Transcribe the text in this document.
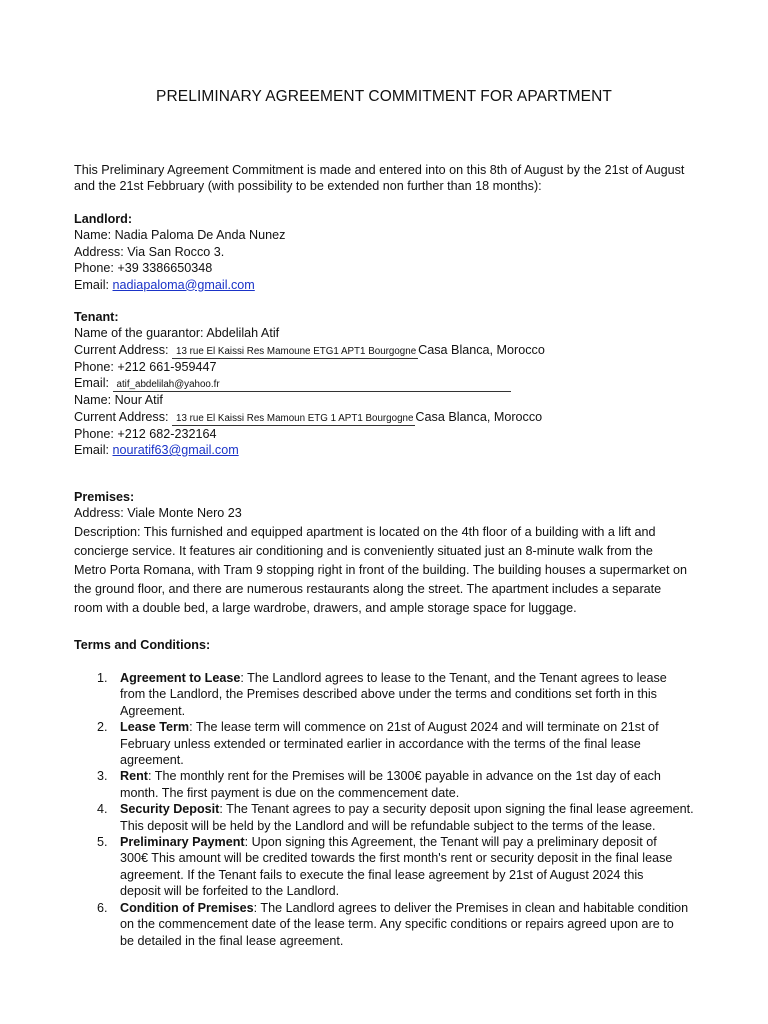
PRELIMINARY AGREEMENT COMMITMENT FOR APARTMENT
This Preliminary Agreement Commitment is made and entered into on this 8th of August by the 21st of August
and the 21st Febbruary (with possibility to be extended non further than 18 months):
Landlord:
Name: Nadia Paloma De Anda Nunez
Address: Via San Rocco 3.
Phone: +39 3386650348
Email: nadiapaloma@gmail.com
Tenant:
Name of the guarantor: Abdelilah Atif
Current Address: 13 rue El Kaissi Res Mamoune ETG1 APT1 Bourgogne Casa Blanca, Morocco
Phone: +212 661-959447
Email: atif_abdelilah@yahoo.fr
Name: Nour Atif
Current Address: 13 rue El Kaissi Res Mamoun ETG 1 APT1 Bourgogne Casa Blanca, Morocco
Phone: +212 682-232164
Email: nouratif63@gmail.com
Premises:
Address: Viale Monte Nero 23
Description: This furnished and equipped apartment is located on the 4th floor of a building with a lift and
concierge service. It features air conditioning and is conveniently situated just an 8-minute walk from the
Metro Porta Romana, with Tram 9 stopping right in front of the building. The building houses a supermarket on
the ground floor, and there are numerous restaurants along the street. The apartment includes a separate
room with a double bed, a large wardrobe, drawers, and ample storage space for luggage.
Terms and Conditions:
1. Agreement to Lease: The Landlord agrees to lease to the Tenant, and the Tenant agrees to lease
from the Landlord, the Premises described above under the terms and conditions set forth in this
Agreement.
2. Lease Term: The lease term will commence on 21st of August 2024 and will terminate on 21st of
February unless extended or terminated earlier in accordance with the terms of the final lease
agreement.
3. Rent: The monthly rent for the Premises will be 1300€ payable in advance on the 1st day of each
month. The first payment is due on the commencement date.
4. Security Deposit: The Tenant agrees to pay a security deposit upon signing the final lease agreement.
This deposit will be held by the Landlord and will be refundable subject to the terms of the lease.
5. Preliminary Payment: Upon signing this Agreement, the Tenant will pay a preliminary deposit of
300€ This amount will be credited towards the first month's rent or security deposit in the final lease
agreement. If the Tenant fails to execute the final lease agreement by 21st of August 2024 this
deposit will be forfeited to the Landlord.
6. Condition of Premises: The Landlord agrees to deliver the Premises in clean and habitable condition
on the commencement date of the lease term. Any specific conditions or repairs agreed upon are to
be detailed in the final lease agreement.
